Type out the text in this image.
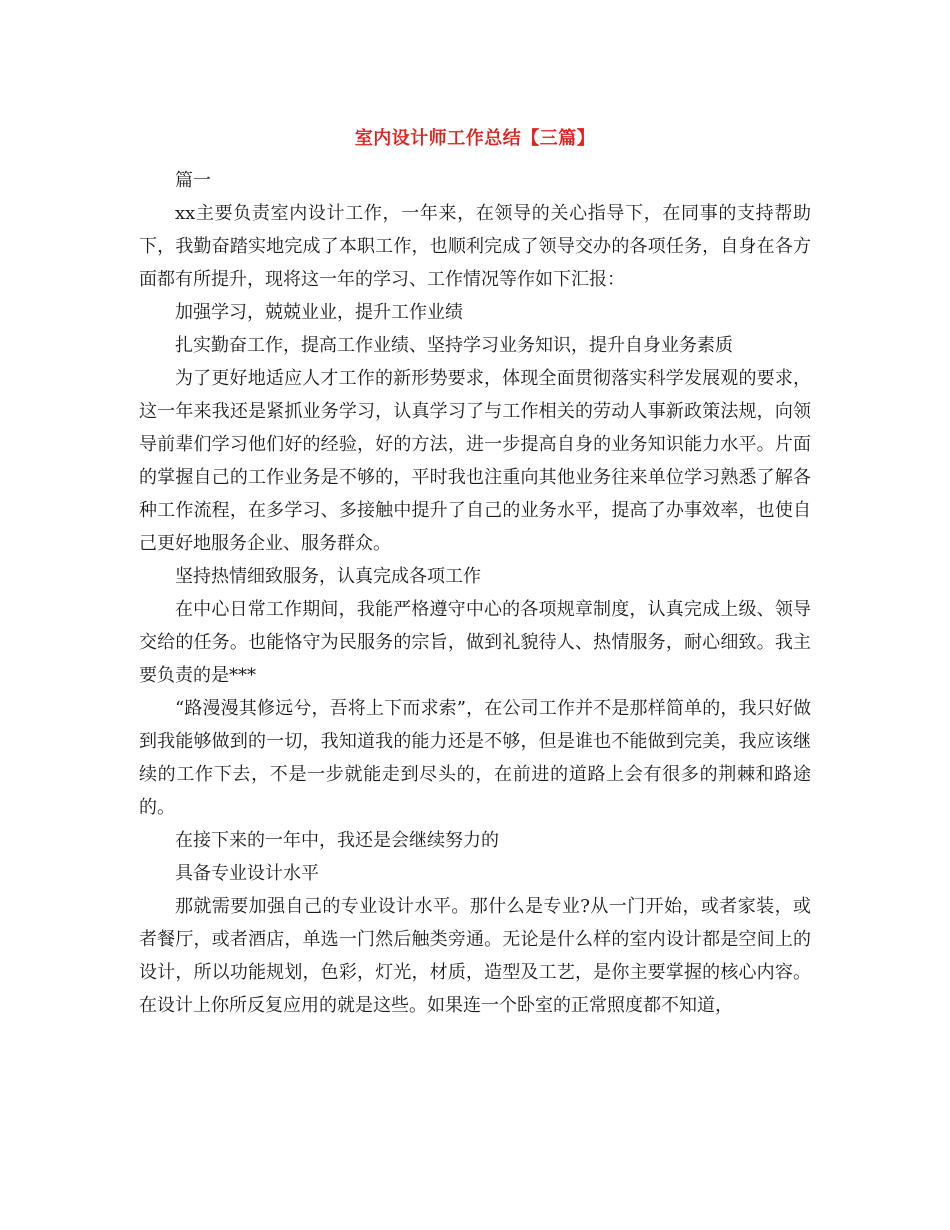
室内设计师工作总结【三篇】

篇一

xx主要负责室内设计工作，一年来，在领导的关心指导下，在同事的支持帮助下，我勤奋踏实地完成了本职工作，也顺利完成了领导交办的各项任务，自身在各方面都有所提升，现将这一年的学习、工作情况等作如下汇报：

加强学习，兢兢业业，提升工作业绩

扎实勤奋工作，提高工作业绩、坚持学习业务知识，提升自身业务素质

为了更好地适应人才工作的新形势要求，体现全面贯彻落实科学发展观的要求，这一年来我还是紧抓业务学习，认真学习了与工作相关的劳动人事新政策法规，向领导前辈们学习他们好的经验，好的方法，进一步提高自身的业务知识能力水平。片面的掌握自己的工作业务是不够的，平时我也注重向其他业务往来单位学习熟悉了解各种工作流程，在多学习、多接触中提升了自己的业务水平，提高了办事效率，也使自己更好地服务企业、服务群众。

坚持热情细致服务，认真完成各项工作

在中心日常工作期间，我能严格遵守中心的各项规章制度，认真完成上级、领导交给的任务。也能恪守为民服务的宗旨，做到礼貌待人、热情服务，耐心细致。我主要负责的是***

“路漫漫其修远兮，吾将上下而求索”，在公司工作并不是那样简单的，我只好做到我能够做到的一切，我知道我的能力还是不够，但是谁也不能做到完美，我应该继续的工作下去，不是一步就能走到尽头的，在前进的道路上会有很多的荆棘和路途的。

在接下来的一年中，我还是会继续努力的

具备专业设计水平

那就需要加强自己的专业设计水平。那什么是专业?从一门开始，或者家装，或者餐厅，或者酒店，单选一门然后触类旁通。无论是什么样的室内设计都是空间上的设计，所以功能规划，色彩，灯光，材质，造型及工艺，是你主要掌握的核心内容。在设计上你所反复应用的就是这些。如果连一个卧室的正常照度都不知道，
